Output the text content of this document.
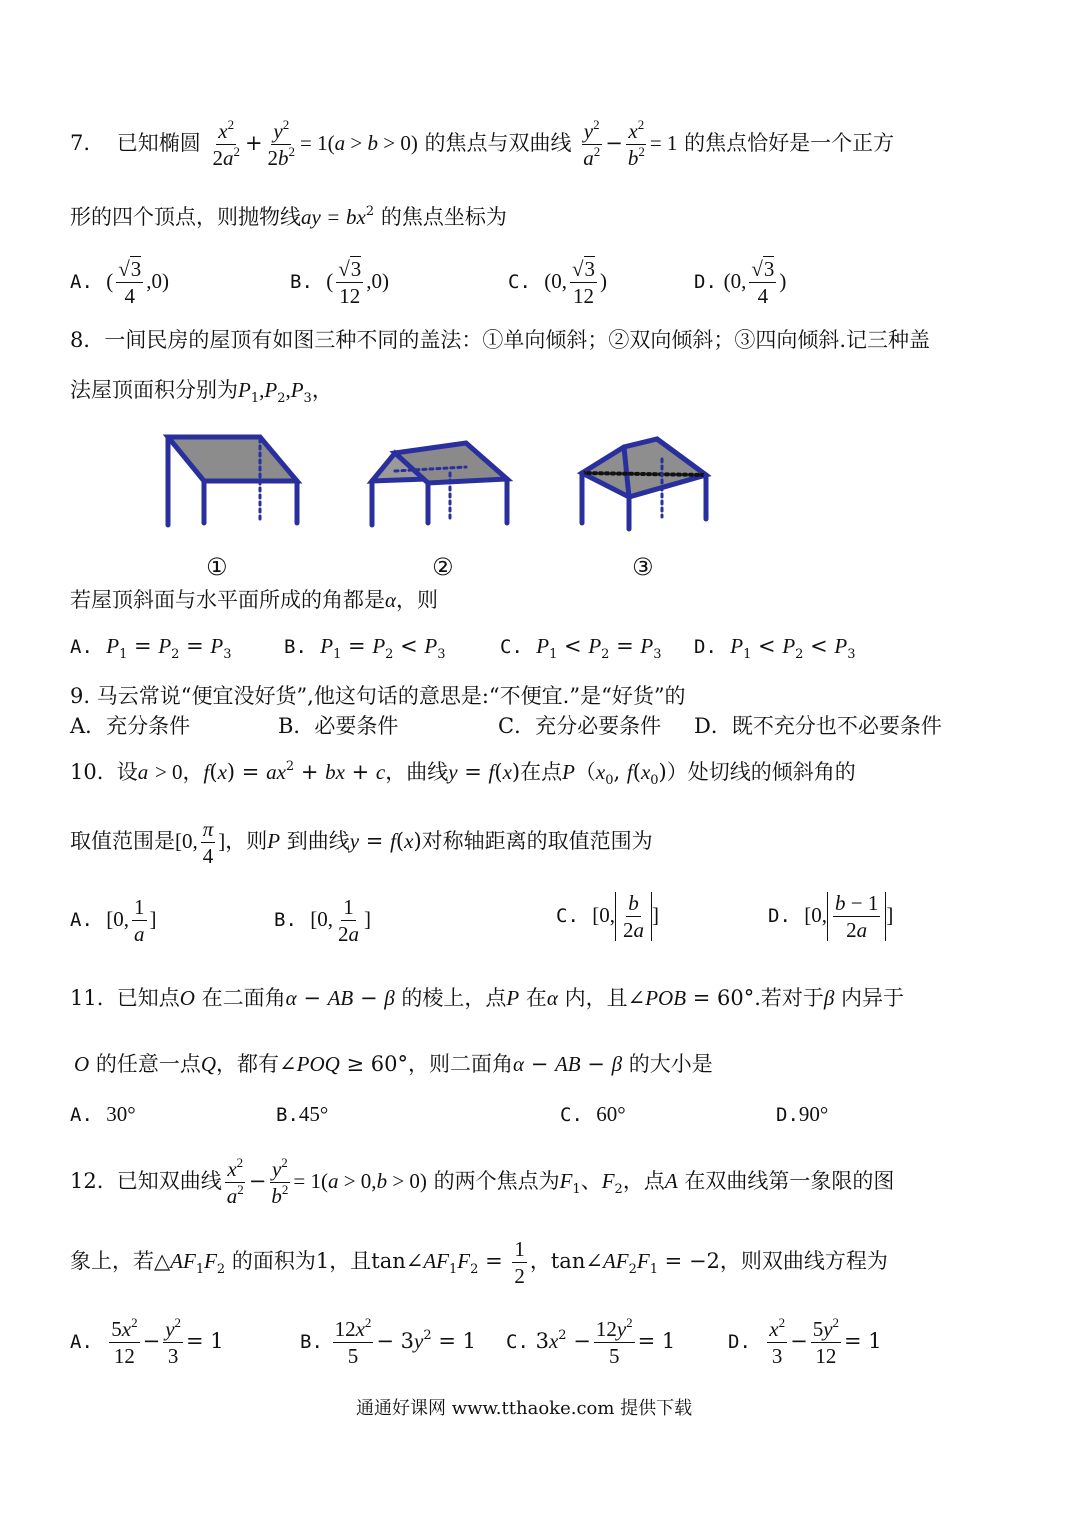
7. 已知椭圆 $\frac{x^2}{2a^2} + \frac{y^2}{2b^2} = 1(a > b > 0)$ 的焦点与双曲线 $\frac{y^2}{a^2} - \frac{x^2}{b^2} = 1$ 的焦点恰好是一个正方
形的四个顶点，则抛物线ay = $bx^2$ 的焦点坐标为
A. ( $\frac{√3}{4} ,0$)	B. ( $\frac{√3}{12} ,0$)	C. (0, $\frac{√3}{12}$ )	D. (0, $\frac{√3}{4}$ )
8．一间民房的屋顶有如图三种不同的盖法：①单向倾斜；②双向倾斜；③四向倾斜.记三种盖
法屋顶面积分别为$P_1,P_2,P_3$，
①	②	③
若屋顶斜面与水平面所成的角都是α，则
A. $P_1 = P_2 = P_3$	B. $P_1 = P_2 < P_3$	C. $P_1 < P_2 = P_3$ D. $P_1 < P_2 < P_3$
9. 马云常说“便宜没好货”,他这句话的意思是:“不便宜.”是“好货”的
A．充分条件	B．必要条件	C．充分必要条件 D．既不充分也不必要条件
10. 设a > 0，$f(x) = ax^2$ + bx + c，曲线y = f(x)在点$P(x_0$, $f(x_0)$）处切线的倾斜角的
取值范围是[0, $\frac{\pi}{4}$ ]，则P 到曲线y = f(x)对称轴距离的取值范围为
A. [0, $\frac{1}{a}$ ]	B. [0, $\frac{1}{2a}$ ]	C. [0, $\frac{b}{2a}$ ]	D. [0, $\frac{b - 1}{2a}$ ]
11. 已知点O 在二面角α − AB − β 的棱上，点P 在α 内，且∠POB = 60°.若对于β 内异于
O 的任意一点Q，都有∠POQ ≥ 60°，则二面角α − AB − β 的大小是
A. 30°	B.45°	C. 60°	D.90°
12. 已知双曲线 $\frac{x^2}{a^2} - \frac{y^2}{b^2} = 1(a > 0,b > 0)$ 的两个焦点为$F_1$、$F_2$，点A 在双曲线第一象限的图
象上，若$\triangle AF_1F_2$ 的面积为1，且$\tan\angle AF_1F_2 = \frac{1}{2}$ ，$\tan\angle AF_2F_1 = -2$，则双曲线方程为
A. $\frac{5x^2}{12} - \frac{y^2}{3} = 1$	B. $\frac{12x^2}{5} - 3y^2 = 1$ C. $3x^2 - \frac{12y^2}{5} = 1$	D. $\frac{x^2}{3} - \frac{5y^2}{12} = 1$
通通好课网 www.tthaoke.com 提供下载
